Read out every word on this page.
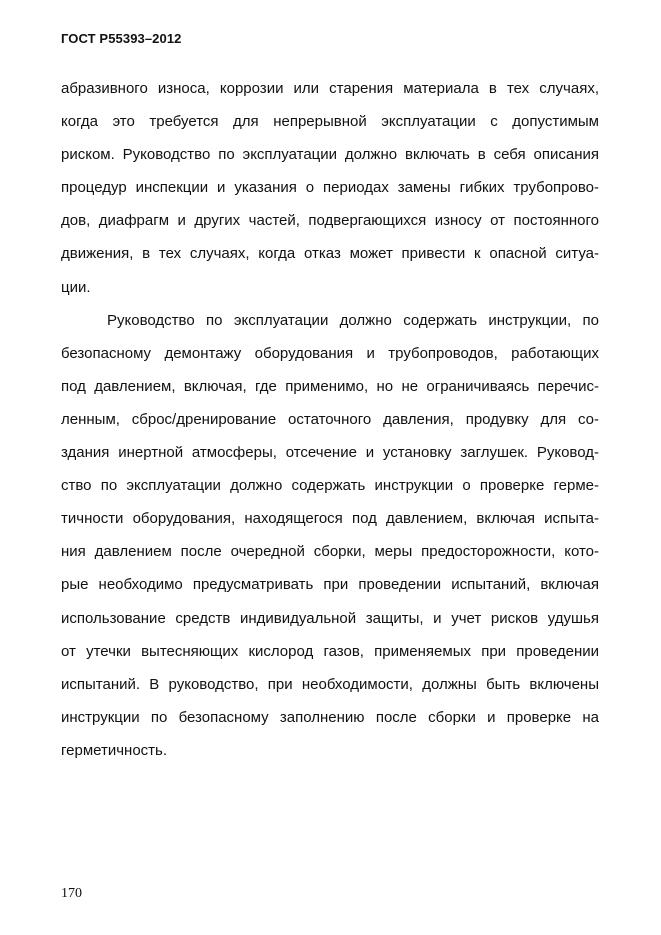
ГОСТ Р55393–2012
абразивного износа, коррозии или старения материала в тех случаях,
когда это требуется для непрерывной эксплуатации с допустимым
риском. Руководство по эксплуатации должно включать в себя описания
процедур инспекции и указания о периодах замены гибких трубопрово-
дов, диафрагм и других частей, подвергающихся износу от постоянного
движения, в тех случаях, когда отказ может привести к опасной ситуа-
ции.
Руководство по эксплуатации должно содержать инструкции, по
безопасному демонтажу оборудования и трубопроводов, работающих
под давлением, включая, где применимо, но не ограничиваясь перечис-
ленным, сброс/дренирование остаточного давления, продувку для со-
здания инертной атмосферы, отсечение и установку заглушек. Руковод-
ство по эксплуатации должно содержать инструкции о проверке герме-
тичности оборудования, находящегося под давлением, включая испыта-
ния давлением после очередной сборки, меры предосторожности, кото-
рые необходимо предусматривать при проведении испытаний, включая
использование средств индивидуальной защиты, и учет рисков удушья
от утечки вытесняющих кислород газов, применяемых при проведении
испытаний. В руководство, при необходимости, должны быть включены
инструкции по безопасному заполнению после сборки и проверке на
герметичность.
170
